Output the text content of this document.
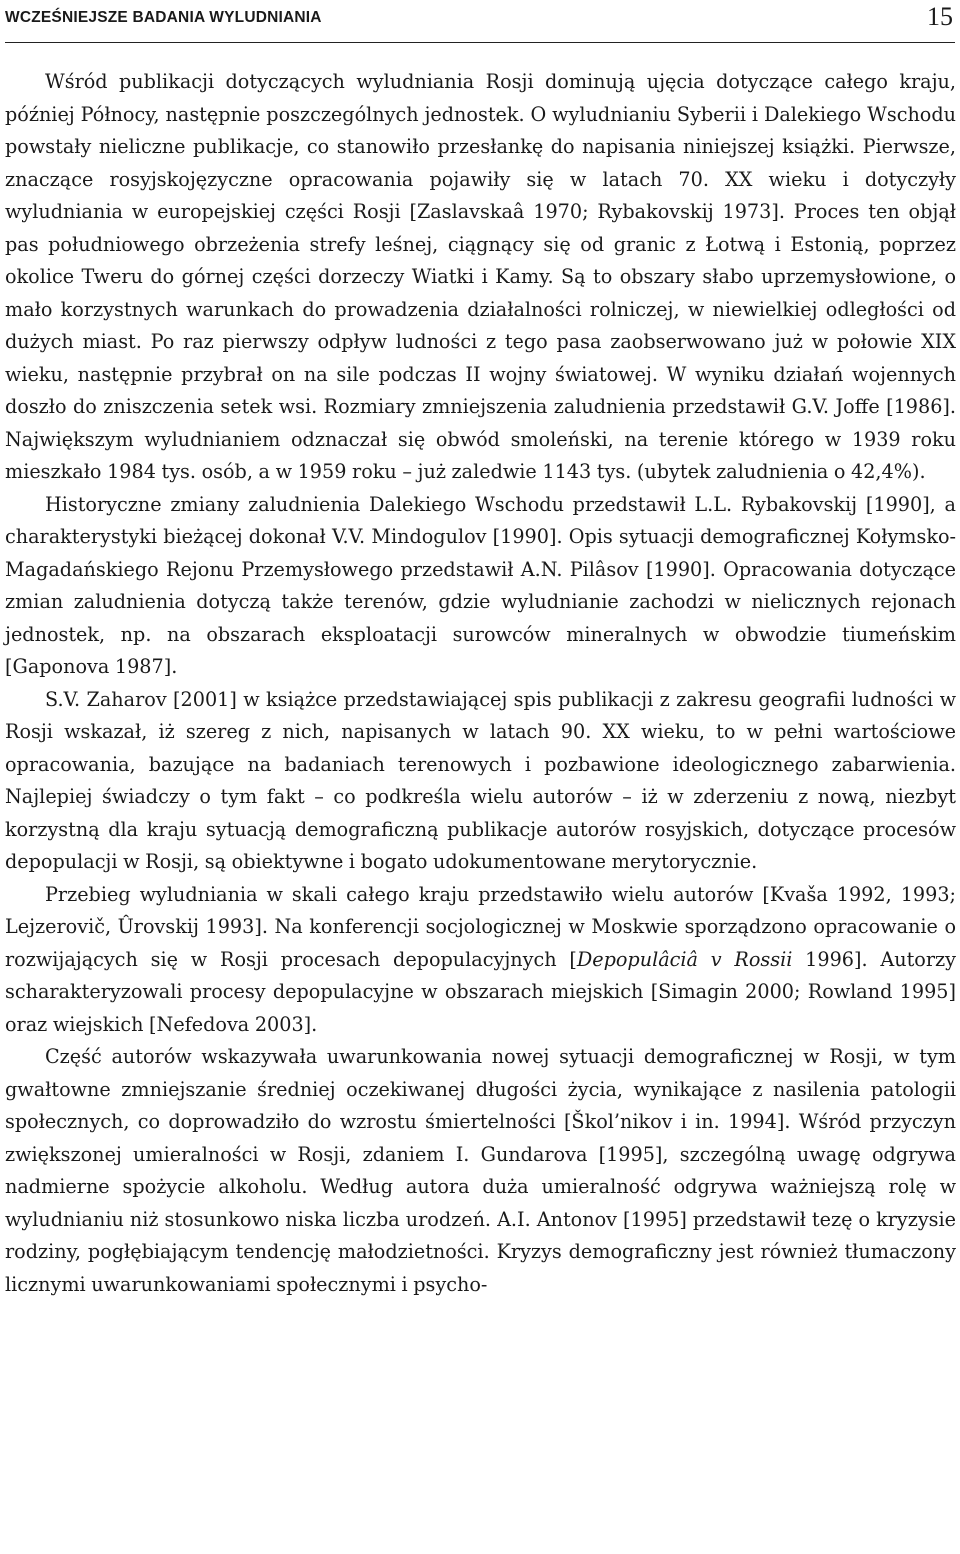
WCZEŚNIEJSZE BADANIA WYLUDNIANIA	15

Wśród publikacji dotyczących wyludniania Rosji dominują ujęcia dotyczące całego kraju, później Północy, następnie poszczególnych jednostek. O wyludnianiu Syberii i Dalekiego Wschodu powstały nieliczne publikacje, co stanowiło przesłankę do napisania niniejszej książki. Pierwsze, znaczące rosyjskojęzyczne opracowania pojawiły się w latach 70. XX wieku i dotyczyły wyludniania w europejskiej części Rosji [Zaslavskaâ 1970; Rybakovskij 1973]. Proces ten objął pas południowego obrzeżenia strefy leśnej, ciągnący się od granic z Łotwą i Estonią, poprzez okolice Tweru do górnej części dorzeczy Wiatki i Kamy. Są to obszary słabo uprzemysłowione, o mało korzystnych warunkach do prowadzenia działalności rolniczej, w niewielkiej odległości od dużych miast. Po raz pierwszy odpływ ludności z tego pasa zaobserwowano już w połowie XIX wieku, następnie przybrał on na sile podczas II wojny światowej. W wyniku działań wojennych doszło do zniszczenia setek wsi. Rozmiary zmniejszenia zaludnienia przedstawił G.V. Joffe [1986]. Największym wyludnianiem odznaczał się obwód smoleński, na terenie którego w 1939 roku mieszkało 1984 tys. osób, a w 1959 roku – już zaledwie 1143 tys. (ubytek zaludnienia o 42,4%).

Historyczne zmiany zaludnienia Dalekiego Wschodu przedstawił L.L. Rybakovskij [1990], a charakterystyki bieżącej dokonał V.V. Mindogulov [1990]. Opis sytuacji demograficznej Kołymsko-Magadańskiego Rejonu Przemysłowego przedstawił A.N. Pilâsov [1990]. Opracowania dotyczące zmian zaludnienia dotyczą także terenów, gdzie wyludnianie zachodzi w nielicznych rejonach jednostek, np. na obszarach eksploatacji surowców mineralnych w obwodzie tiumeńskim [Gaponova 1987].

S.V. Zaharov [2001] w książce przedstawiającej spis publikacji z zakresu geografii ludności w Rosji wskazał, iż szereg z nich, napisanych w latach 90. XX wieku, to w pełni wartościowe opracowania, bazujące na badaniach terenowych i pozbawione ideologicznego zabarwienia. Najlepiej świadczy o tym fakt – co podkreśla wielu autorów – iż w zderzeniu z nową, niezbyt korzystną dla kraju sytuacją demograficzną publikacje autorów rosyjskich, dotyczące procesów depopulacji w Rosji, są obiektywne i bogato udokumentowane merytorycznie.

Przebieg wyludniania w skali całego kraju przedstawiło wielu autorów [Kvaša 1992, 1993; Lejzerovič, Ûrovskij 1993]. Na konferencji socjologicznej w Moskwie sporządzono opracowanie o rozwijających się w Rosji procesach depopulacyjnych [Depopulâciâ v Rossii 1996]. Autorzy scharakteryzowali procesy depopulacyjne w obszarach miejskich [Simagin 2000; Rowland 1995] oraz wiejskich [Nefedova 2003].

Część autorów wskazywała uwarunkowania nowej sytuacji demograficznej w Rosji, w tym gwałtowne zmniejszanie średniej oczekiwanej długości życia, wynikające z nasilenia patologii społecznych, co doprowadziło do wzrostu śmiertelności [Škol’nikov i in. 1994]. Wśród przyczyn zwiększonej umieralności w Rosji, zdaniem I. Gundarova [1995], szczególną uwagę odgrywa nadmierne spożycie alkoholu. Według autora duża umieralność odgrywa ważniejszą rolę w wyludnianiu niż stosunkowo niska liczba urodzeń. A.I. Antonov [1995] przedstawił tezę o kryzysie rodziny, pogłębiającym tendencję małodzietności. Kryzys demograficzny jest również tłumaczony licznymi uwarunkowaniami społecznymi i psycho-
